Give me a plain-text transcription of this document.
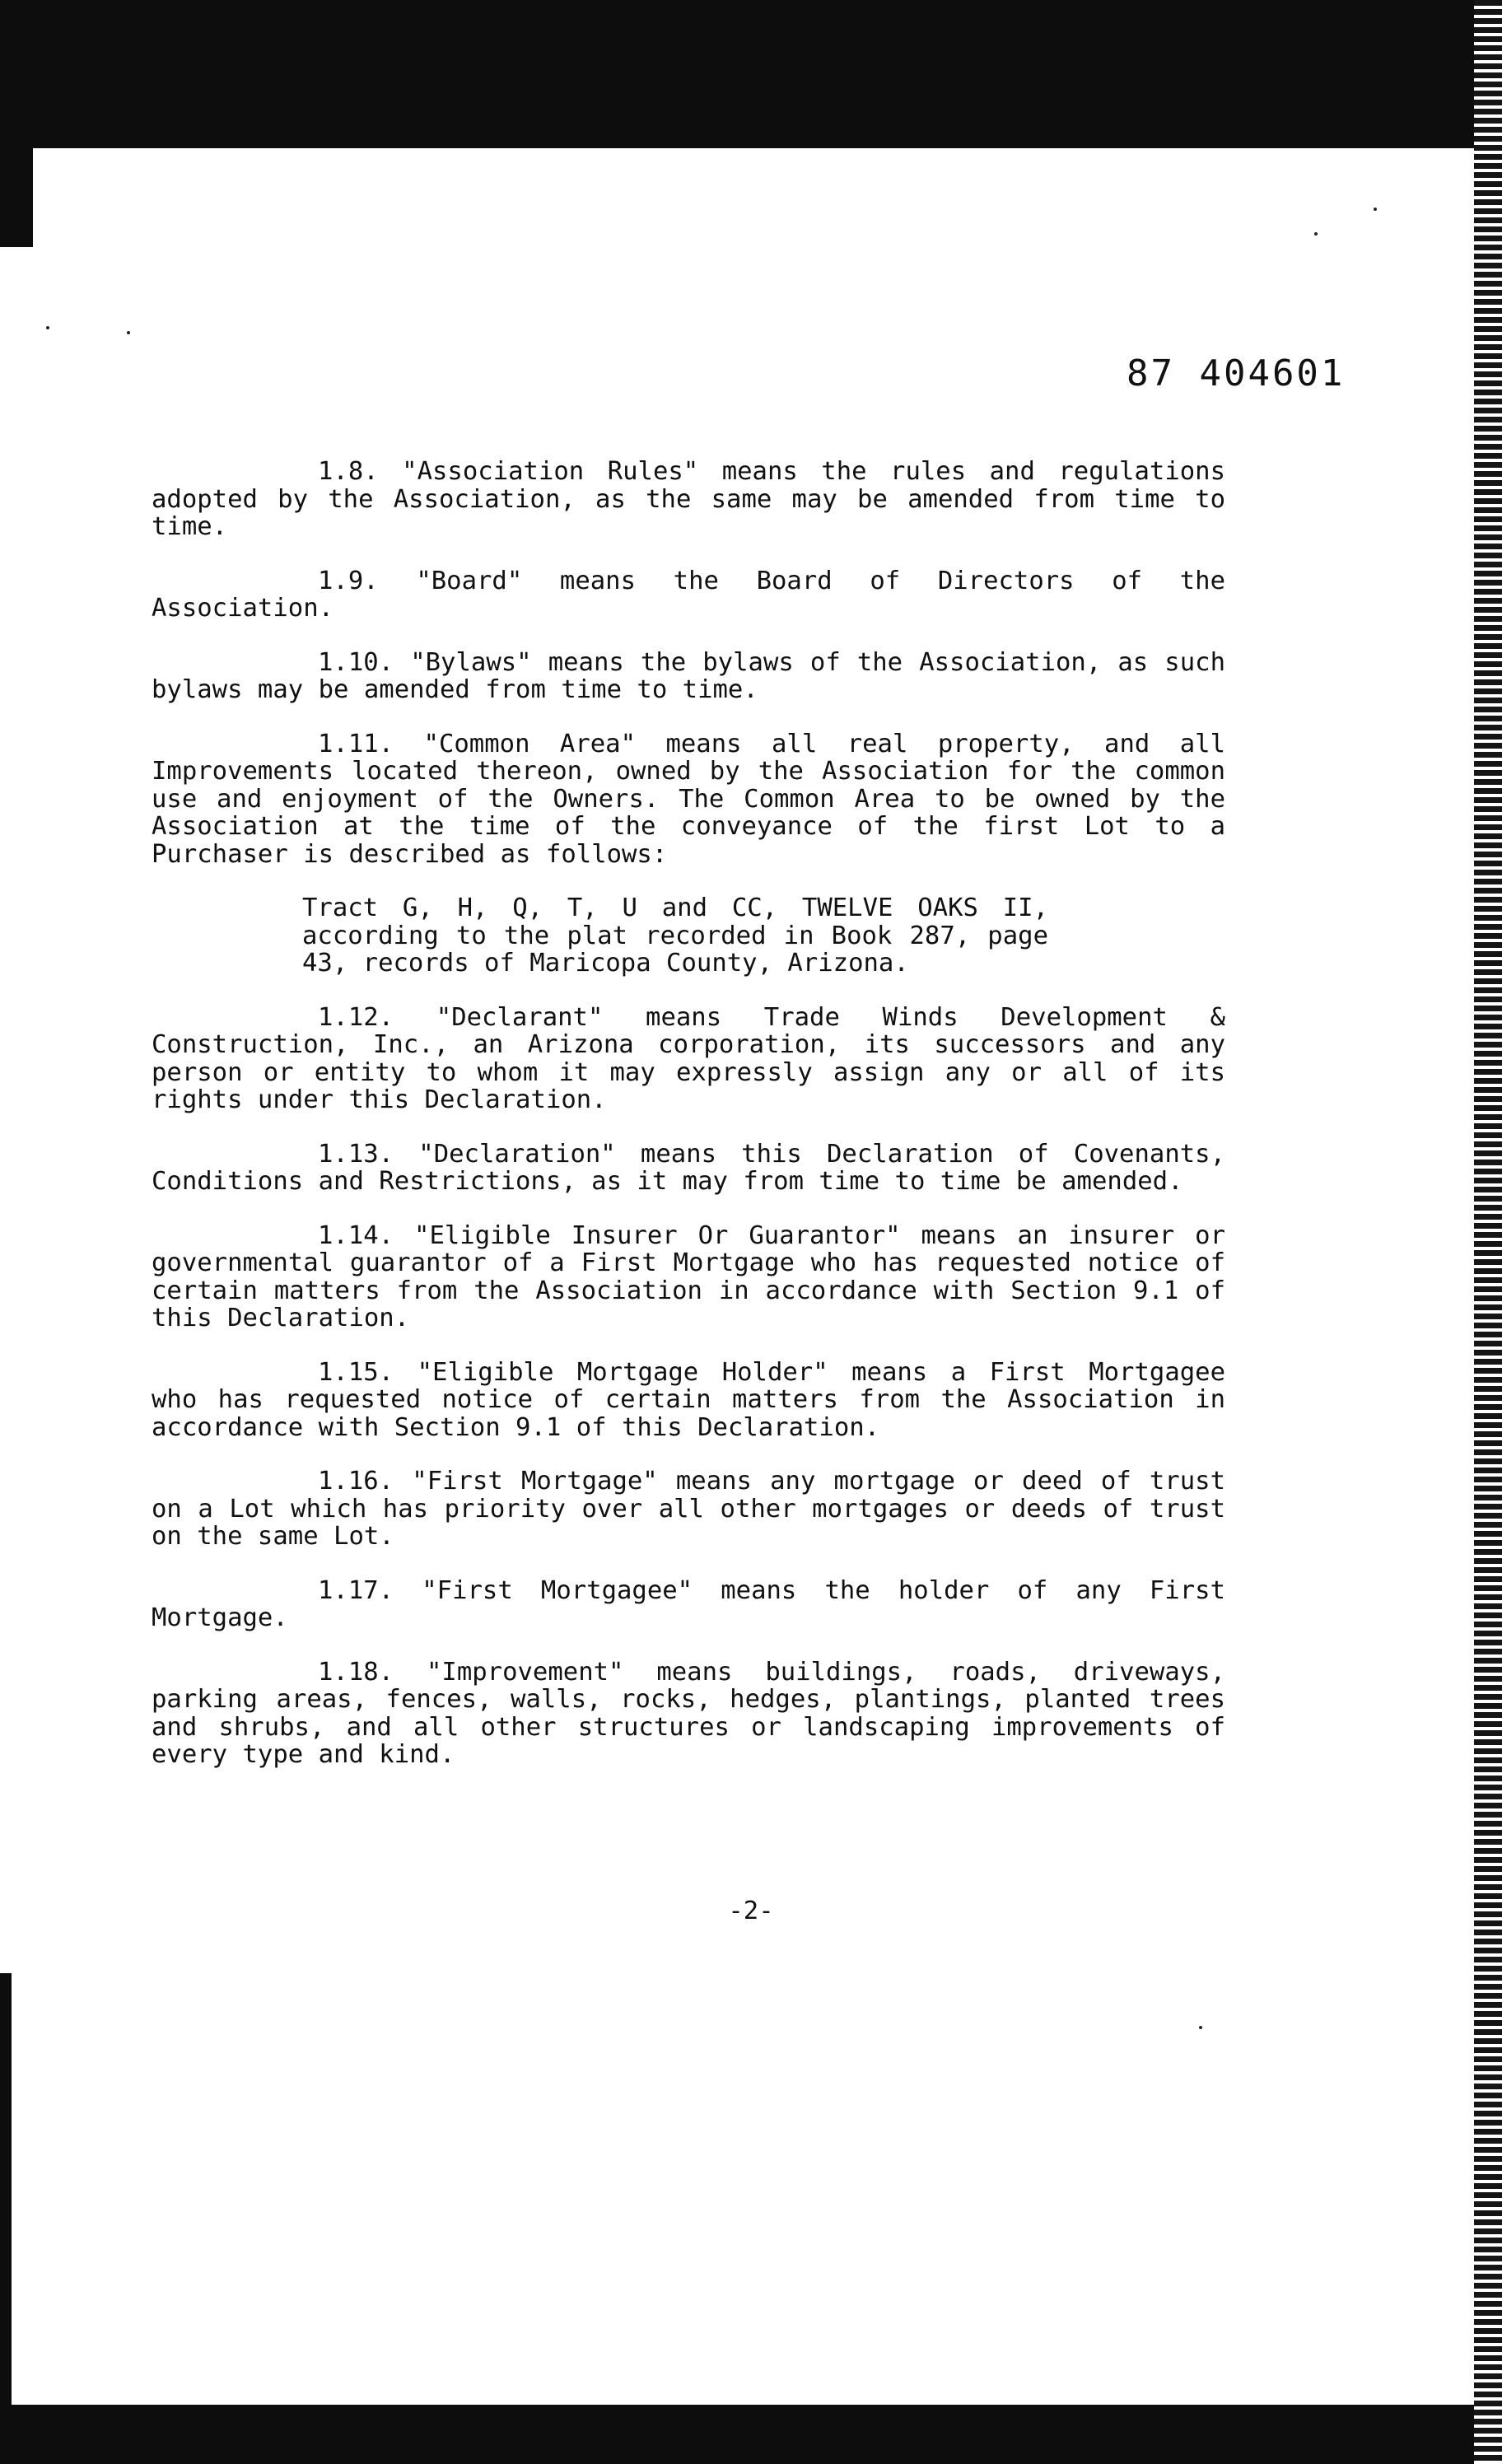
87 404601

1.8. "Association Rules" means the rules and regulations adopted by the Association, as the same may be amended from time to time.

1.9. "Board" means the Board of Directors of the Association.

1.10. "Bylaws" means the bylaws of the Association, as such bylaws may be amended from time to time.

1.11. "Common Area" means all real property, and all Improvements located thereon, owned by the Association for the common use and enjoyment of the Owners. The Common Area to be owned by the Association at the time of the conveyance of the first Lot to a Purchaser is described as follows:

Tract G, H, Q, T, U and CC, TWELVE OAKS II, according to the plat recorded in Book 287, page 43, records of Maricopa County, Arizona.

1.12. "Declarant" means Trade Winds Development & Construction, Inc., an Arizona corporation, its successors and any person or entity to whom it may expressly assign any or all of its rights under this Declaration.

1.13. "Declaration" means this Declaration of Covenants, Conditions and Restrictions, as it may from time to time be amended.

1.14. "Eligible Insurer Or Guarantor" means an insurer or governmental guarantor of a First Mortgage who has requested notice of certain matters from the Association in accordance with Section 9.1 of this Declaration.

1.15. "Eligible Mortgage Holder" means a First Mortgagee who has requested notice of certain matters from the Association in accordance with Section 9.1 of this Declaration.

1.16. "First Mortgage" means any mortgage or deed of trust on a Lot which has priority over all other mortgages or deeds of trust on the same Lot.

1.17. "First Mortgagee" means the holder of any First Mortgage.

1.18. "Improvement" means buildings, roads, driveways, parking areas, fences, walls, rocks, hedges, plantings, planted trees and shrubs, and all other structures or landscaping improvements of every type and kind.

-2-
